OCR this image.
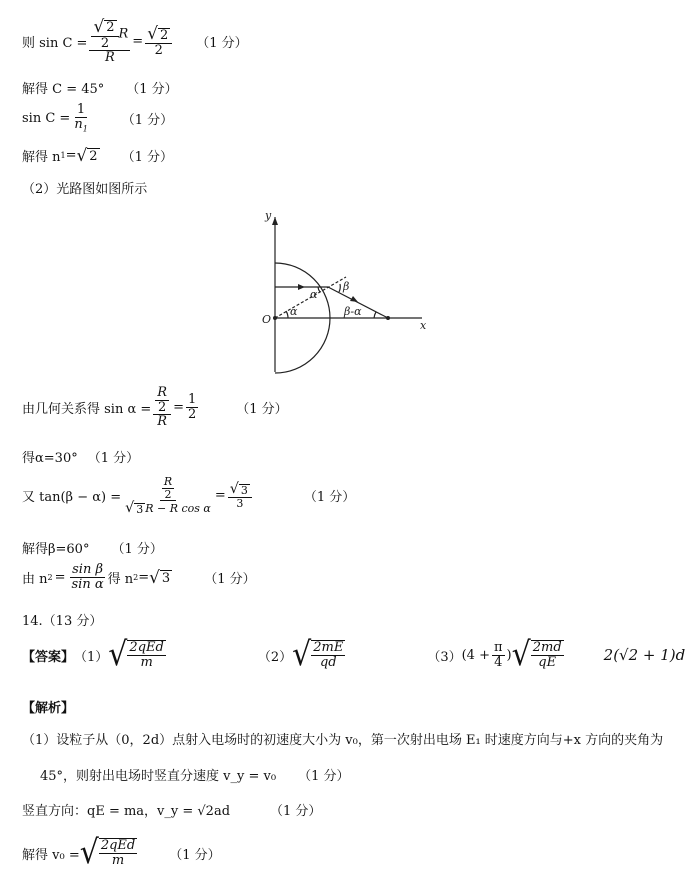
则 $\sin C = \frac{\frac{√ 2}{2} R}{R} = \frac{√ 2}{2} (1$ 分）
解得 C = 45° （1 分）
$\sin C = \frac{1}{n_1} (1$ 分）
解得 n 1 = √ 2 （1 分）
（2）光路图如图所示
y
x
O
α
α
β
β-α
由几何关系得 $\sin \alpha = \frac{\frac{R}{2}}{R} = \frac{1}{2}$	（1 分）
得α=30° （1 分）
又 $\tan(\beta - \alpha) = \frac{\frac{R}{2}}{\text{√ 3 R − R cos α}} = \frac{√ 3}{3}$	（1 分）
解得β=60° （1 分）
由 n $2 = \frac{\text{sin β}}{\text{sin α}}$ 得 n 2 = √ 3	（1 分）
14.（13 分）
【答案】 （1） √ $\frac{\text{2qEd}}{m}$	（2） √ $\frac{2mE}{qd}$	（3） ($4 + \frac{\pi}{4}$ ) √ $\frac{2md}{qE}$	2(√2 + 1)d
【解析】
（1）设粒子从（0，2d）点射入电场时的初速度大小为 v₀，第一次射出电场 E₁ 时速度方向与+x 方向的夹角为
45°，则射出电场时竖直分速度 v_y = v₀ （1 分）
竖直方向：qE = ma，v_y = √2ad	（1 分）
解得 v₀ = √ $\frac{\text{2qEd}}{m} (1$ 分）
